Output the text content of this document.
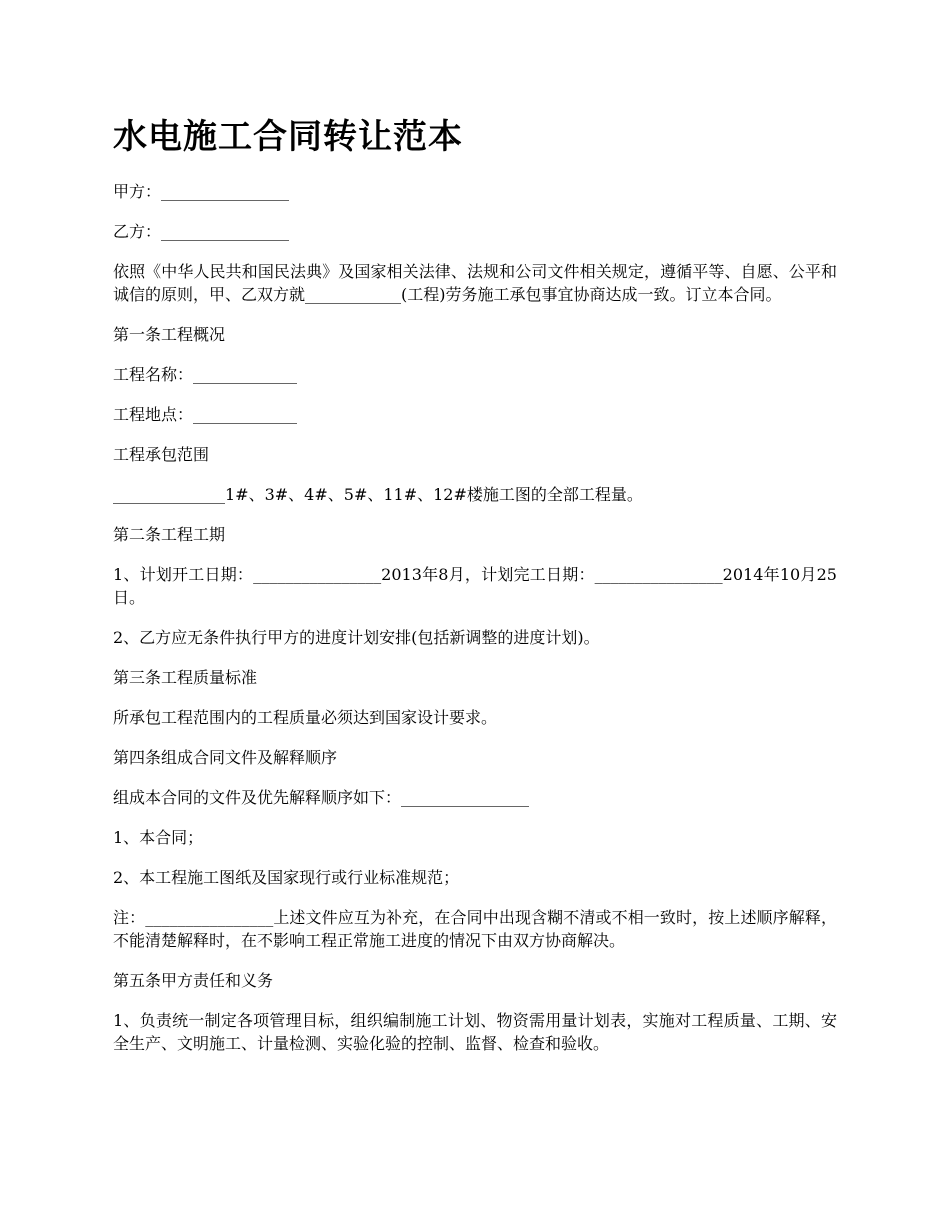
水电施工合同转让范本

甲方：________________

乙方：________________

依照《中华人民共和国民法典》及国家相关法律、法规和公司文件相关规定，遵循平等、自愿、公平和诚信的原则，甲、乙双方就____________(工程)劳务施工承包事宜协商达成一致。订立本合同。

第一条工程概况

工程名称：_____________

工程地点：_____________

工程承包范围

______________1#、3#、4#、5#、11#、12#楼施工图的全部工程量。

第二条工程工期

1、计划开工日期：________________2013年8月，计划完工日期：________________2014年10月25日。

2、乙方应无条件执行甲方的进度计划安排(包括新调整的进度计划)。

第三条工程质量标准

所承包工程范围内的工程质量必须达到国家设计要求。

第四条组成合同文件及解释顺序

组成本合同的文件及优先解释顺序如下：________________

1、本合同；

2、本工程施工图纸及国家现行或行业标准规范；

注：________________上述文件应互为补充，在合同中出现含糊不清或不相一致时，按上述顺序解释，不能清楚解释时，在不影响工程正常施工进度的情况下由双方协商解决。

第五条甲方责任和义务

1、负责统一制定各项管理目标，组织编制施工计划、物资需用量计划表，实施对工程质量、工期、安全生产、文明施工、计量检测、实验化验的控制、监督、检查和验收。
